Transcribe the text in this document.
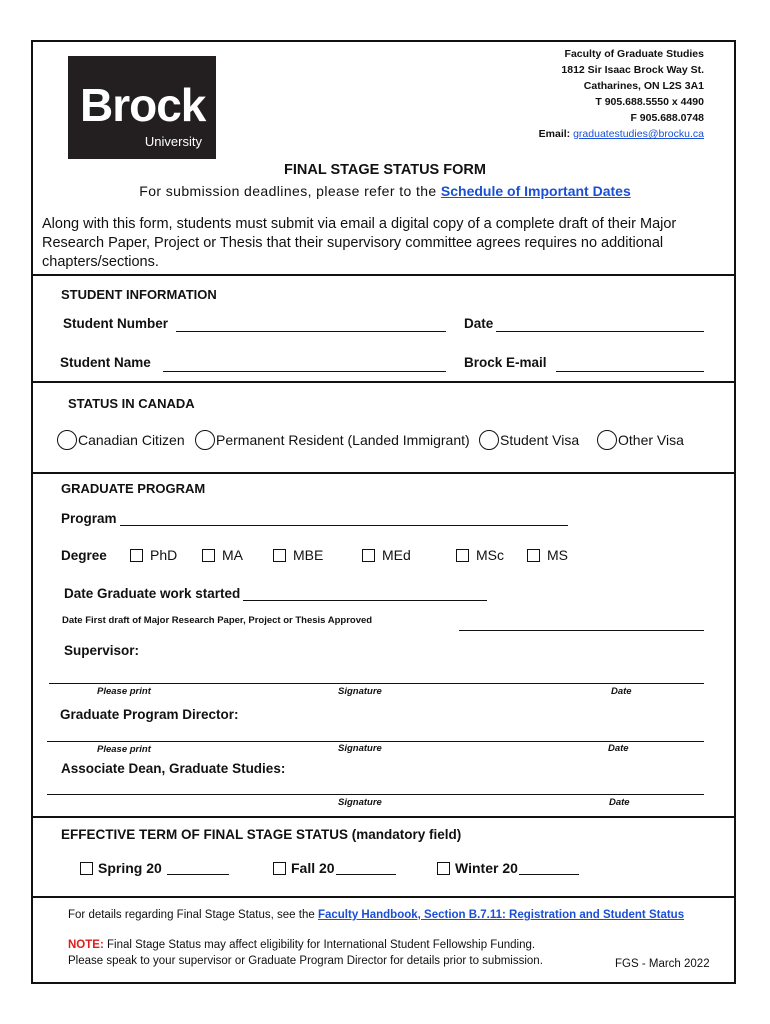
Brock
University
Faculty of Graduate Studies
1812 Sir Isaac Brock Way St.
Catharines, ON L2S 3A1
T 905.688.5550 x 4490
F 905.688.0748
Email: graduatestudies@brocku.ca
FINAL STAGE STATUS FORM
For submission deadlines, please refer to the Schedule of Important Dates
Along with this form, students must submit via email a digital copy of a complete draft of their Major Research Paper, Project or Thesis that their supervisory committee agrees requires no additional chapters/sections.
STUDENT INFORMATION
Student Number	Date
Student Name	Brock E-mail
STATUS IN CANADA
Canadian Citizen Permanent Resident (Landed Immigrant) Student Visa	Other Visa
GRADUATE PROGRAM
Program
Degree	PhD	MA	MBE	MEd	MSc	MS
Date Graduate work started
Date First draft of Major Research Paper, Project or Thesis Approved
Supervisor:
Please print	Signature	Date
Graduate Program Director:
Please print	Signature	Date
Associate Dean, Graduate Studies:
Signature	Date
EFFECTIVE TERM OF FINAL STAGE STATUS (mandatory field)
Spring 20	Fall 20	Winter 20
For details regarding Final Stage Status, see the Faculty Handbook, Section B.7.11: Registration and Student Status
NOTE: Final Stage Status may affect eligibility for International Student Fellowship Funding.
Please speak to your supervisor or Graduate Program Director for details prior to submission.	FGS - March 2022
